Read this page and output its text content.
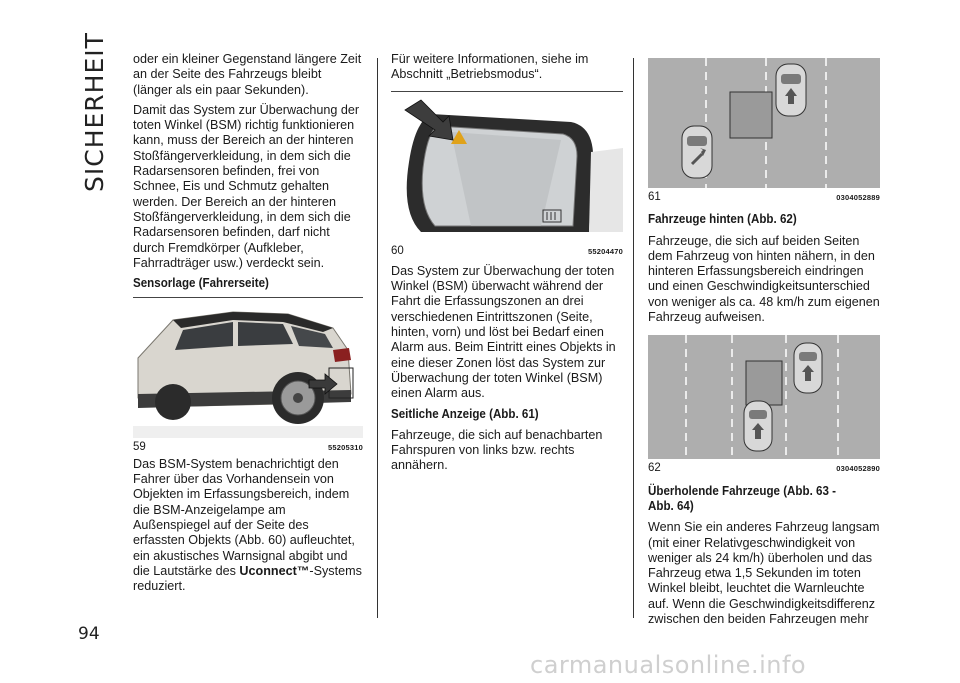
SICHERHEIT
94

oder ein kleiner Gegenstand längere Zeit an der Seite des Fahrzeugs bleibt (länger als ein paar Sekunden).

Damit das System zur Überwachung der toten Winkel (BSM) richtig funktionieren kann, muss der Bereich an der hinteren Stoßfängerverkleidung, in dem sich die Radarsensoren befinden, frei von Schnee, Eis und Schmutz gehalten werden. Der Bereich an der hinteren Stoßfängerverkleidung, in dem sich die Radarsensoren befinden, darf nicht durch Fremdkörper (Aufkleber, Fahrradträger usw.) verdeckt sein.

Sensorlage (Fahrerseite)
59	55205310

Das BSM-System benachrichtigt den Fahrer über das Vorhandensein von Objekten im Erfassungsbereich, indem die BSM-Anzeigelampe am Außenspiegel auf der Seite des erfassten Objekts (Abb. 60) aufleuchtet, ein akustisches Warnsignal abgibt und die Lautstärke des Uconnect™-Systems reduziert.

Für weitere Informationen, siehe im Abschnitt „Betriebsmodus“.

60	55204470

Das System zur Überwachung der toten Winkel (BSM) überwacht während der Fahrt die Erfassungszonen an drei verschiedenen Eintrittszonen (Seite, hinten, vorn) und löst bei Bedarf einen Alarm aus. Beim Eintritt eines Objekts in eine dieser Zonen löst das System zur Überwachung der toten Winkel (BSM) einen Alarm aus.

Seitliche Anzeige (Abb. 61)

Fahrzeuge, die sich auf benachbarten Fahrspuren von links bzw. rechts annähern.

61	0304052889
Fahrzeuge hinten (Abb. 62)

Fahrzeuge, die sich auf beiden Seiten dem Fahrzeug von hinten nähern, in den hinteren Erfassungsbereich eindringen und einen Geschwindigkeitsunterschied von weniger als ca. 48 km/h zum eigenen Fahrzeug aufweisen.

62	0304052890
Überholende Fahrzeuge (Abb. 63 - Abb. 64)

Wenn Sie ein anderes Fahrzeug langsam (mit einer Relativgeschwindigkeit von weniger als 24 km/h) überholen und das Fahrzeug etwa 1,5 Sekunden im toten Winkel bleibt, leuchtet die Warnleuchte auf. Wenn die Geschwindigkeitsdifferenz zwischen den beiden Fahrzeugen mehr

carmanualsonline.info
